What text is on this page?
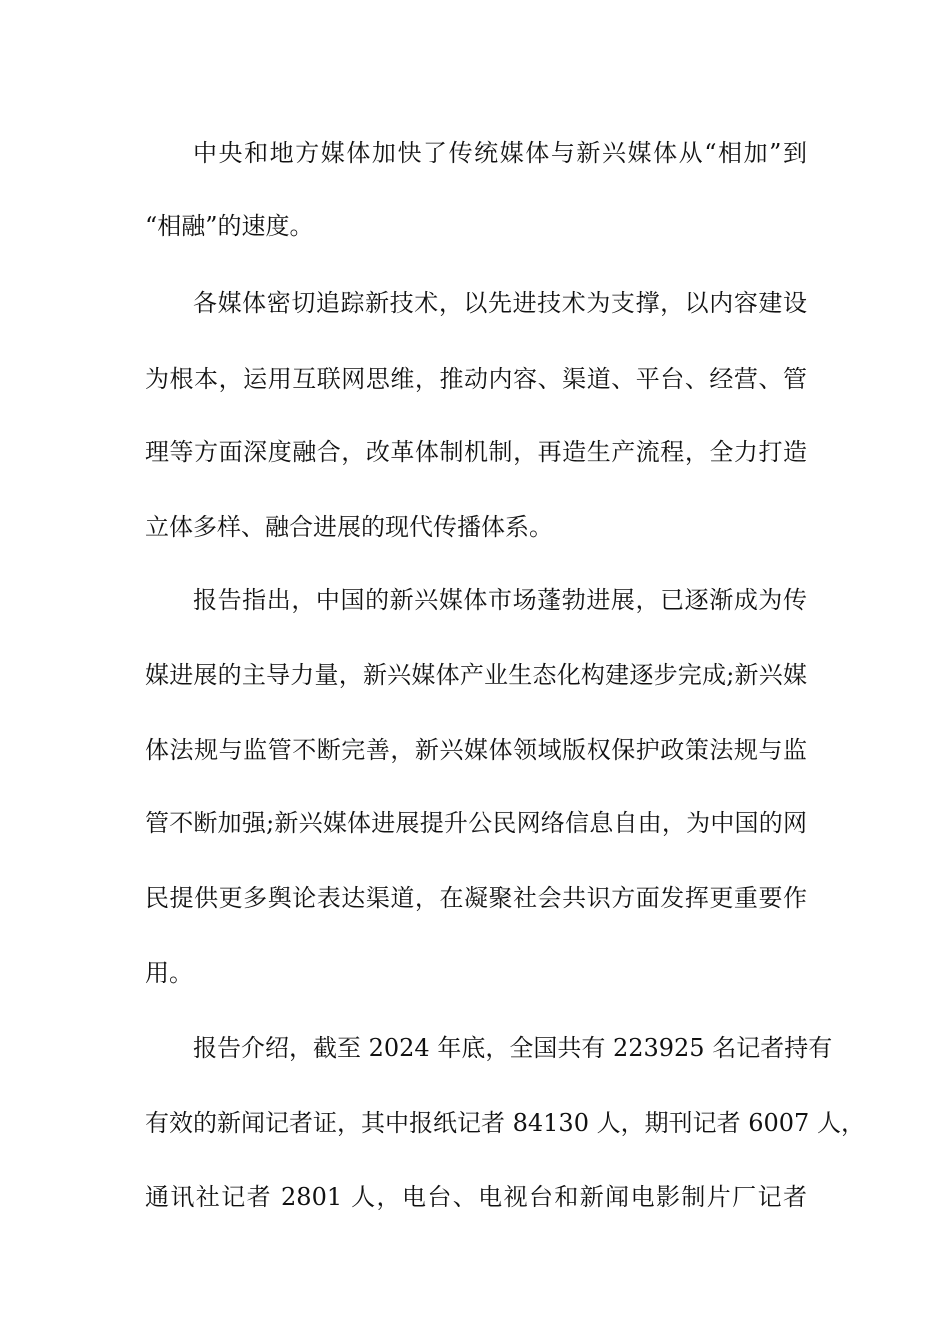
中央和地方媒体加快了传统媒体与新兴媒体从“相加”到
“相融”的速度。
各媒体密切追踪新技术，以先进技术为支撑，以内容建设
为根本，运用互联网思维，推动内容、渠道、平台、经营、管
理等方面深度融合，改革体制机制，再造生产流程，全力打造
立体多样、融合进展的现代传播体系。
报告指出，中国的新兴媒体市场蓬勃进展，已逐渐成为传
媒进展的主导力量，新兴媒体产业生态化构建逐步完成;新兴媒
体法规与监管不断完善，新兴媒体领域版权保护政策法规与监
管不断加强;新兴媒体进展提升公民网络信息自由，为中国的网
民提供更多舆论表达渠道，在凝聚社会共识方面发挥更重要作
用。
报告介绍，截至 2024 年底，全国共有 223925 名记者持有
有效的新闻记者证，其中报纸记者 84130 人，期刊记者 6007 人，
通讯社记者 2801 人，电台、电视台和新闻电影制片厂记者
